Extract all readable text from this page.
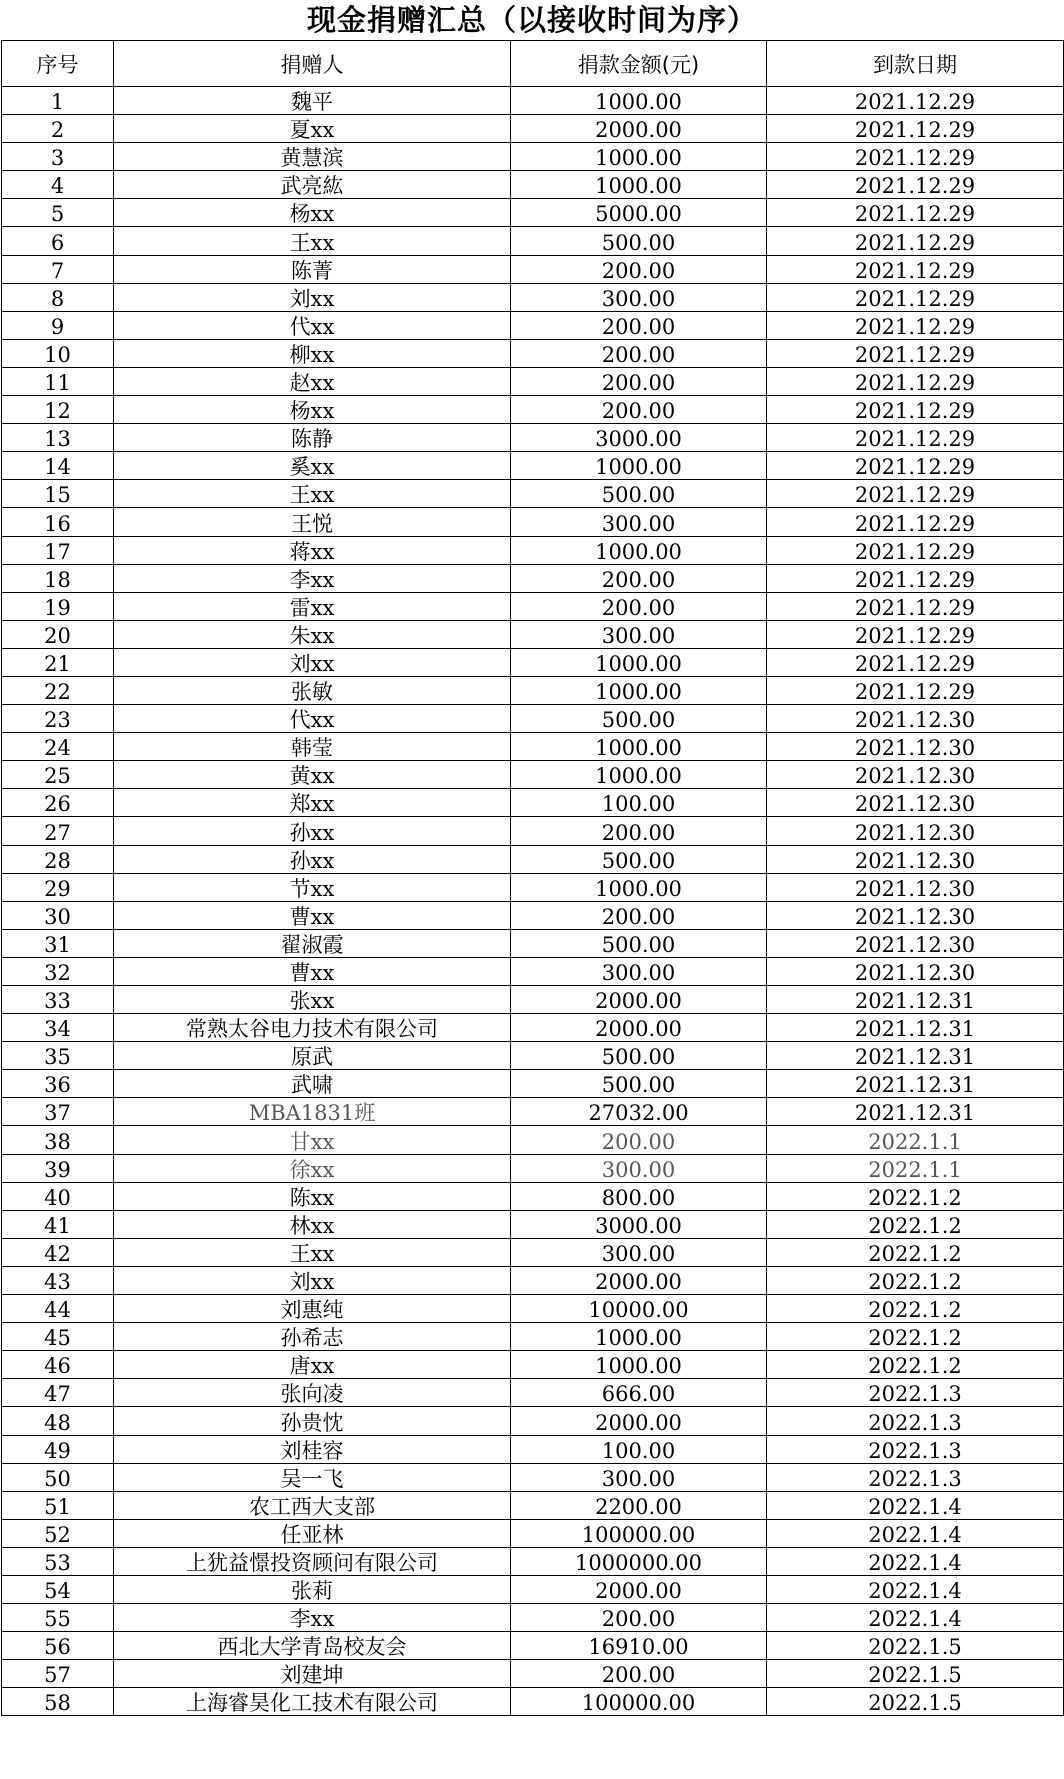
现金捐赠汇总（以接收时间为序）
序号	捐赠人	捐款金额(元)	到款日期
1	魏平	1000.00	2021.12.29
2	夏xx	2000.00	2021.12.29
3	黄慧滨	1000.00	2021.12.29
4	武亮紘	1000.00	2021.12.29
5	杨xx	5000.00	2021.12.29
6	王xx	500.00	2021.12.29
7	陈菁	200.00	2021.12.29
8	刘xx	300.00	2021.12.29
9	代xx	200.00	2021.12.29
10	柳xx	200.00	2021.12.29
11	赵xx	200.00	2021.12.29
12	杨xx	200.00	2021.12.29
13	陈静	3000.00	2021.12.29
14	奚xx	1000.00	2021.12.29
15	王xx	500.00	2021.12.29
16	王悦	300.00	2021.12.29
17	蒋xx	1000.00	2021.12.29
18	李xx	200.00	2021.12.29
19	雷xx	200.00	2021.12.29
20	朱xx	300.00	2021.12.29
21	刘xx	1000.00	2021.12.29
22	张敏	1000.00	2021.12.29
23	代xx	500.00	2021.12.30
24	韩莹	1000.00	2021.12.30
25	黄xx	1000.00	2021.12.30
26	郑xx	100.00	2021.12.30
27	孙xx	200.00	2021.12.30
28	孙xx	500.00	2021.12.30
29	节xx	1000.00	2021.12.30
30	曹xx	200.00	2021.12.30
31	翟淑霞	500.00	2021.12.30
32	曹xx	300.00	2021.12.30
33	张xx	2000.00	2021.12.31
34	常熟太谷电力技术有限公司	2000.00	2021.12.31
35	原武	500.00	2021.12.31
36	武啸	500.00	2021.12.31
37	MBA1831班	27032.00	2021.12.31
38	甘xx	200.00	2022.1.1
39	徐xx	300.00	2022.1.1
40	陈xx	800.00	2022.1.2
41	林xx	3000.00	2022.1.2
42	王xx	300.00	2022.1.2
43	刘xx	2000.00	2022.1.2
44	刘惠纯	10000.00	2022.1.2
45	孙希志	1000.00	2022.1.2
46	唐xx	1000.00	2022.1.2
47	张向凌	666.00	2022.1.3
48	孙贵忱	2000.00	2022.1.3
49	刘桂容	100.00	2022.1.3
50	吴一飞	300.00	2022.1.3
51	农工西大支部	2200.00	2022.1.4
52	任亚林	100000.00	2022.1.4
53	上犹益憬投资顾问有限公司	1000000.00	2022.1.4
54	张莉	2000.00	2022.1.4
55	李xx	200.00	2022.1.4
56	西北大学青岛校友会	16910.00	2022.1.5
57	刘建坤	200.00	2022.1.5
58	上海睿昊化工技术有限公司	100000.00	2022.1.5
